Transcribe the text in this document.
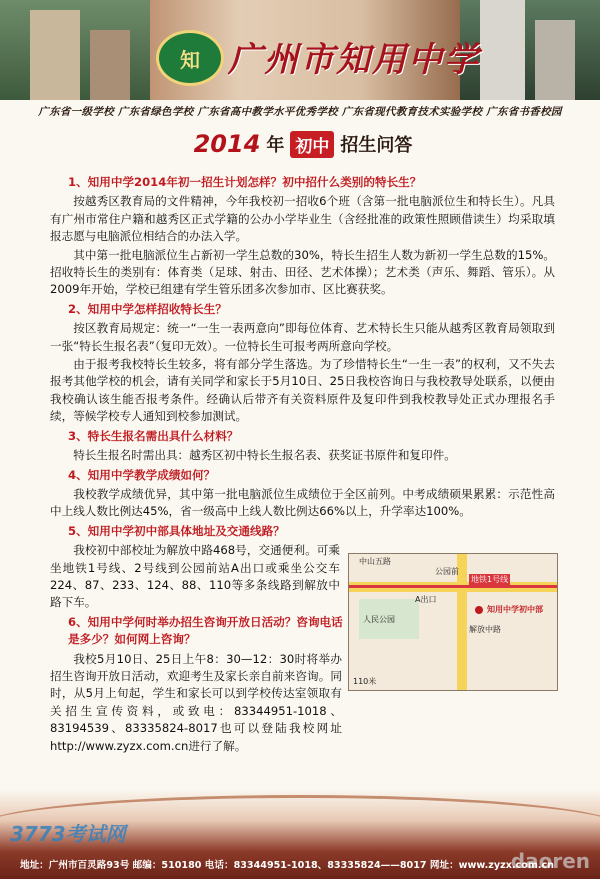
知 广州市知用中学
广东省一级学校 广东省绿色学校 广东省高中教学水平优秀学校 广东省现代教育技术实验学校 广东省书香校园
2014 年 初中 招生问答
1、知用中学2014年初一招生计划怎样？初中招什么类别的特长生？
按越秀区教育局的文件精神，今年我校初一招收6个班（含第一批电脑派位生和特长生）。凡具有广州市常住户籍和越秀区正式学籍的公办小学毕业生（含经批准的政策性照顾借读生）均采取填报志愿与电脑派位相结合的办法入学。
其中第一批电脑派位生占新初一学生总数的30%，特长生招生人数为新初一学生总数的15%。招收特长生的类别有：体育类（足球、射击、田径、艺术体操）；艺术类（声乐、舞蹈、管乐）。从2009年开始，学校已组建有学生管乐团多次参加市、区比赛获奖。
2、知用中学怎样招收特长生？
按区教育局规定：统一“一生一表两意向”即每位体育、艺术特长生只能从越秀区教育局领取到一张“特长生报名表”（复印无效）。一位特长生可报考两所意向学校。
由于报考我校特长生较多，将有部分学生落选。为了珍惜特长生“一生一表”的权利，又不失去报考其他学校的机会，请有关同学和家长于5月10日、25日我校咨询日与我校教导处联系，以便由我校确认该生能否报考条件。经确认后带齐有关资料原件及复印件到我校教导处正式办理报名手续，等候学校专人通知到校参加测试。
3、特长生报名需出具什么材料？
特长生报名时需出具：越秀区初中特长生报名表、获奖证书原件和复印件。
4、知用中学教学成绩如何？
我校教学成绩优异，其中第一批电脑派位生成绩位于全区前列。中考成绩硕果累累：示范性高中上线人数比例达45%，省一级高中上线人数比例达66%以上，升学率达100%。
5、知用中学初中部具体地址及交通线路？
我校初中部校址为解放中路468号，交通便利。可乘坐地铁1号线、2号线到公园前站A出口或乘坐公交车224、87、233、124、88、110等多条线路到解放中路下车。
6、知用中学何时举办招生咨询开放日活动？咨询电话是多少？如何网上咨询？
我校5月10日、25日上午8：30—12：30时将举办招生咨询开放日活动，欢迎考生及家长亲自前来咨询。同时，从5月上旬起，学生和家长可以到学校传达室领取有关招生宣传资料，或致电：83344951-1018、83194539、83335824-8017也可以登陆我校网址http://www.zyzx.com.cn进行了解。
地铁1号线
人民公园
公园前
A出口
中山五路
解放中路
知用中学初中部
110米
3773考试网
daoren
地址：广州市百灵路93号 邮编：510180 电话：83344951-1018、83335824——8017 网址：www.zyzx.com.cn
